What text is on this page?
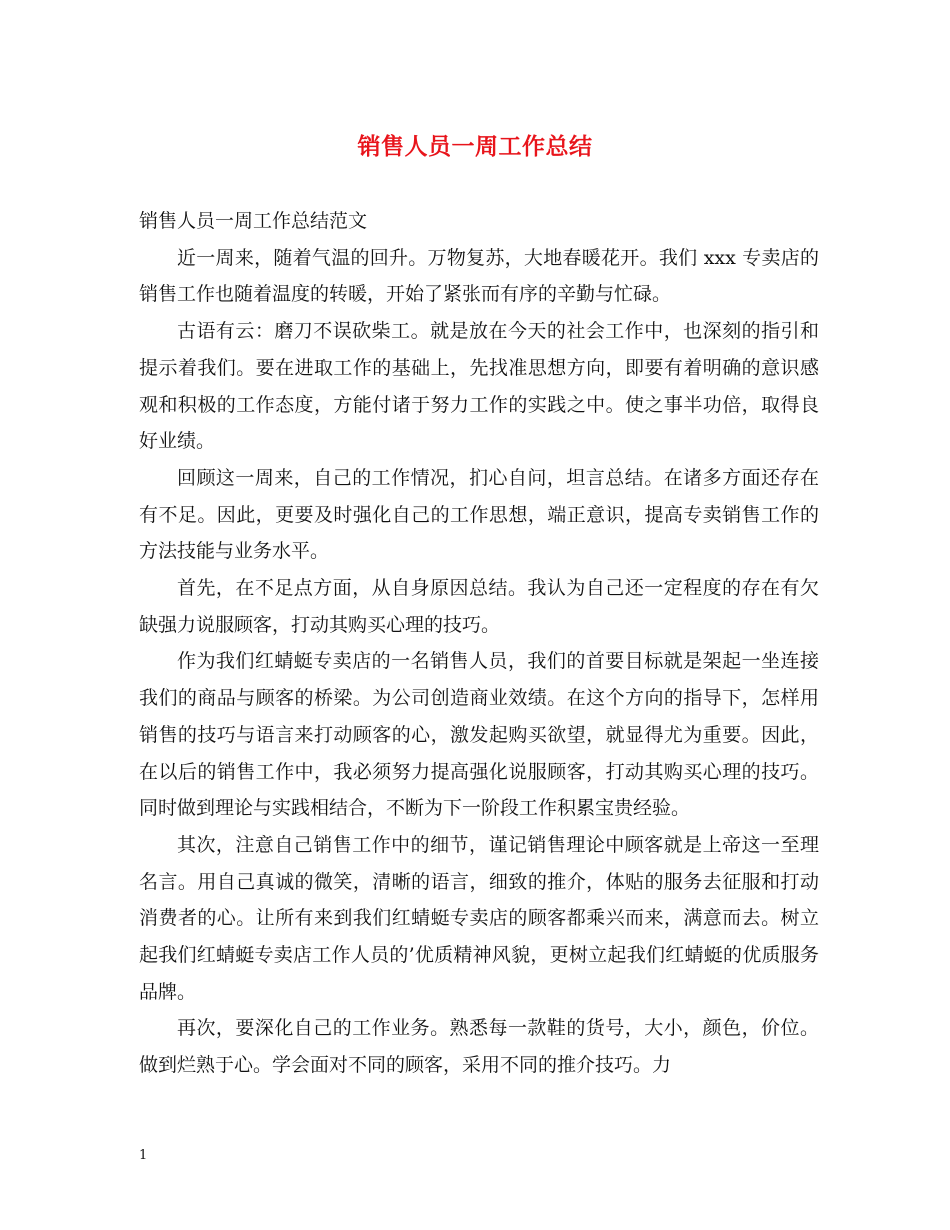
销售人员一周工作总结

销售人员一周工作总结范文

近一周来，随着气温的回升。万物复苏，大地春暖花开。我们 xxx 专卖店的销售工作也随着温度的转暖，开始了紧张而有序的辛勤与忙碌。

古语有云：磨刀不误砍柴工。就是放在今天的社会工作中，也深刻的指引和提示着我们。要在进取工作的基础上，先找准思想方向，即要有着明确的意识感观和积极的工作态度，方能付诸于努力工作的实践之中。使之事半功倍，取得良好业绩。

回顾这一周来，自己的工作情况，扪心自问，坦言总结。在诸多方面还存在有不足。因此，更要及时强化自己的工作思想，端正意识，提高专卖销售工作的方法技能与业务水平。

首先，在不足点方面，从自身原因总结。我认为自己还一定程度的存在有欠缺强力说服顾客，打动其购买心理的技巧。

作为我们红蜻蜓专卖店的一名销售人员，我们的首要目标就是架起一坐连接我们的商品与顾客的桥梁。为公司创造商业效绩。在这个方向的指导下，怎样用销售的技巧与语言来打动顾客的心，激发起购买欲望，就显得尤为重要。因此，在以后的销售工作中，我必须努力提高强化说服顾客，打动其购买心理的技巧。同时做到理论与实践相结合，不断为下一阶段工作积累宝贵经验。

其次，注意自己销售工作中的细节，谨记销售理论中顾客就是上帝这一至理名言。用自己真诚的微笑，清晰的语言，细致的推介，体贴的服务去征服和打动消费者的心。让所有来到我们红蜻蜓专卖店的顾客都乘兴而来，满意而去。树立起我们红蜻蜓专卖店工作人员的’优质精神风貌，更树立起我们红蜻蜓的优质服务品牌。

再次，要深化自己的工作业务。熟悉每一款鞋的货号，大小，颜色，价位。做到烂熟于心。学会面对不同的顾客，采用不同的推介技巧。力

1
